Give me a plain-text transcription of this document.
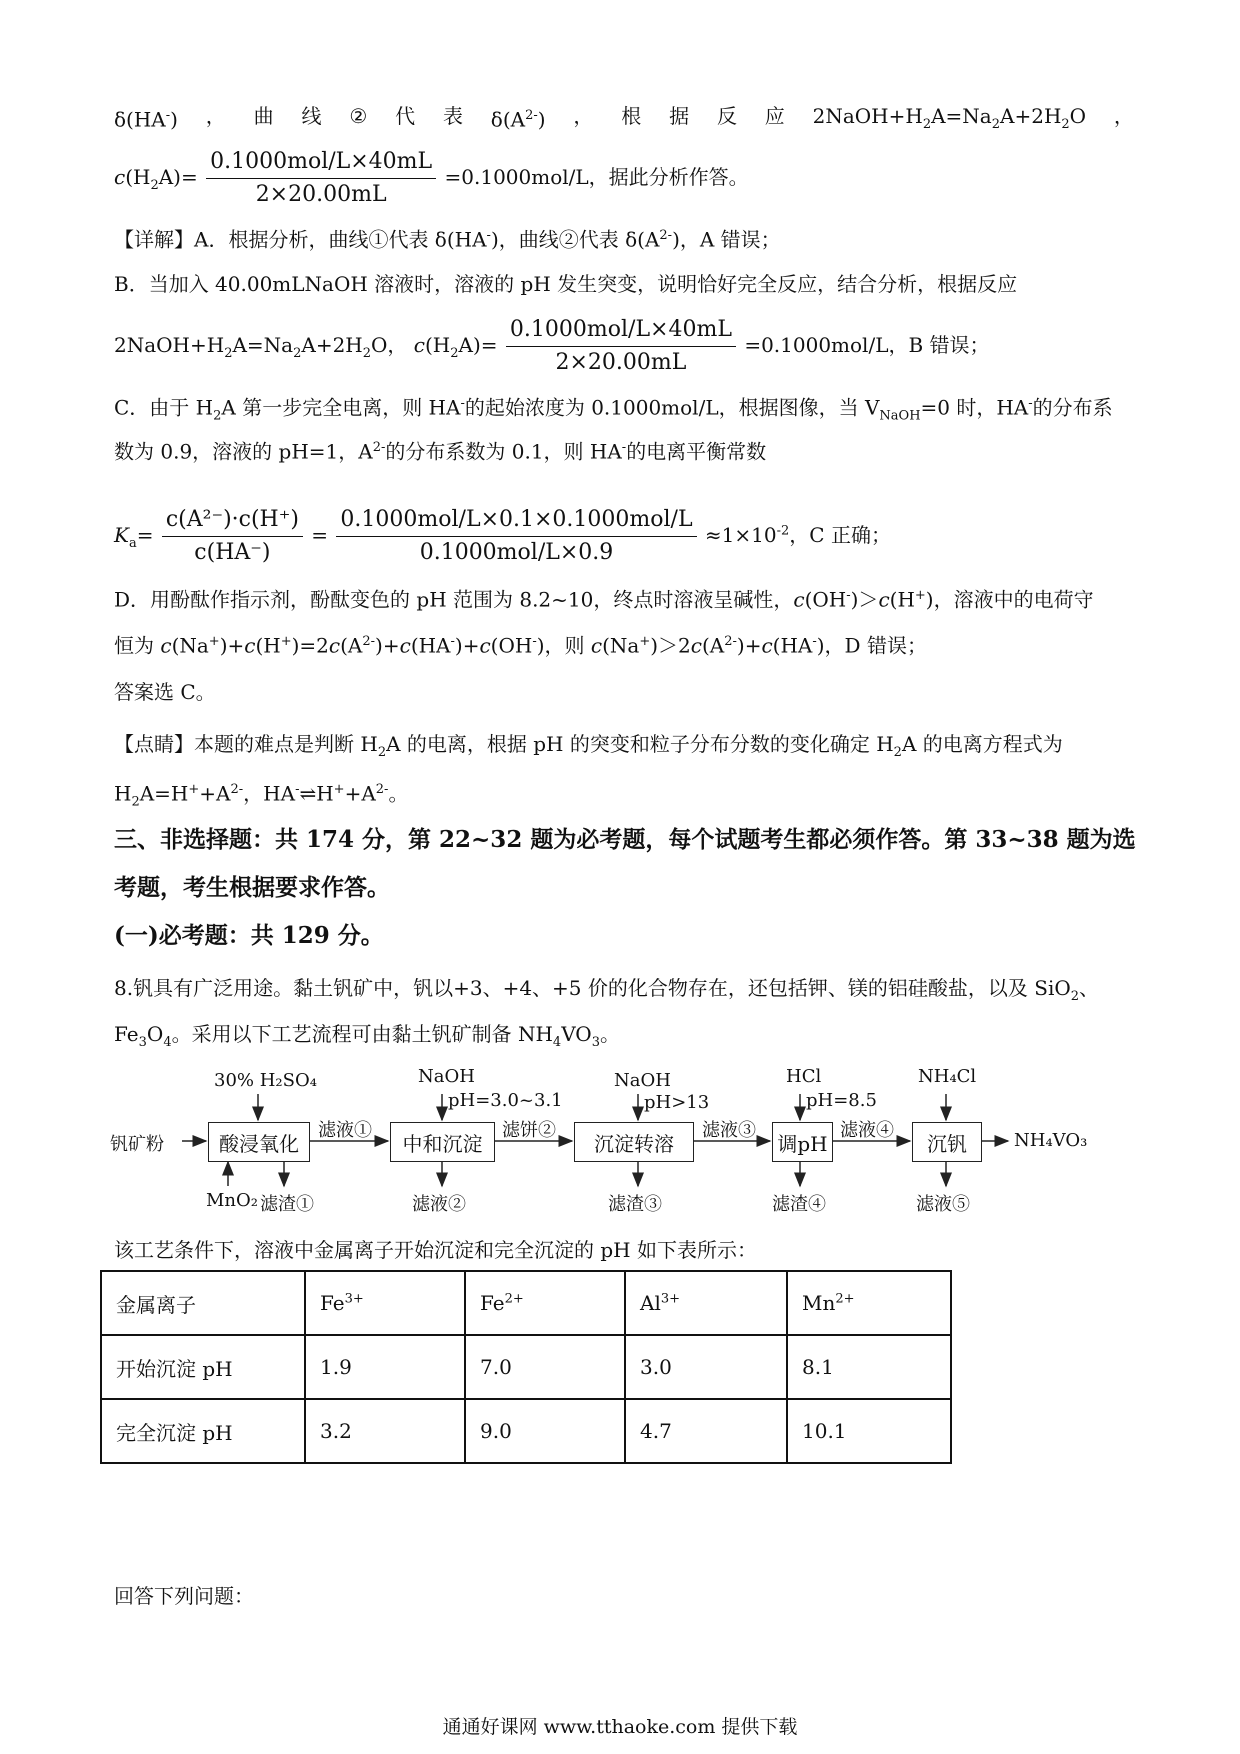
δ(HA-) ， 曲 线 ② 代 表 $\delta(A^{2-})$ ， 根 据 反 应 $2NaOH+H_2A=Na_2A+2H_2O$ ，
$c(H_2A)= \frac{\text{0.1000mol/L×40mL}}{2\times 20.00mL} =0.1000mol/L$，据此分析作答。
【详解】A．根据分析，曲线①代表 δ(HA-)，曲线②代表 $\delta(A^{2-})$，A 错误；
B．当加入 40.00mLNaOH 溶液时，溶液的 pH 发生突变，说明恰好完全反应，结合分析，根据反应
$2NaOH+H_2A=Na_2A+2H_2O$， $c(H_2A)= \frac{\text{0.1000mol/L×40mL}}{2\times 20.00mL} =0.1000mol/L$，B 错误；
C．由于 $H_2A$ 第一步完全电离，则 HA-的起始浓度为 0.1000mol/L，根据图像，当 $V_{NaOH}=0$ 时，HA-的分布系
数为 0.9，溶液的 pH=1，$A^{2-}$的分布系数为 0.1，则 HA-的电离平衡常数
$K_a= \frac{\text{c(A²⁻)·c(H⁺)}}{c(HA^-)} = \frac{\text{0.1000mol/L×0.1×0.1000mol/L}}{\text{0.1000mol/L×0.9}} \approx 1\times 10^{-2}$，C 正确；
D．用酚酞作指示剂，酚酞变色的 pH 范围为 8.2~10，终点时溶液呈碱性，c(OH-)＞c(H+)，溶液中的电荷守
恒为 $c(Na^+)+c(H^+)=2c(A^{2-})+c(HA^-)+c(OH^-)$，则 $c(Na^+)>2c(A^{2-})+c(HA^-)$，D 错误；
答案选 C。
【点睛】本题的难点是判断 $H_2A$ 的电离，根据 pH 的突变和粒子分布分数的变化确定 $H_2A$ 的电离方程式为
$H_2A=H^++A^{2-}$，$HA^-\rightleftharpoons H^++A^{2-}$。
三、非选择题：共 174 分，第 22~32 题为必考题，每个试题考生都必须作答。第 33~38 题为选
考题，考生根据要求作答。
(一)必考题：共 129 分。
8.钒具有广泛用途。黏土钒矿中，钒以+3、+4、+5 价的化合物存在，还包括钾、镁的铝硅酸盐，以及 SiO$_2$、
$Fe_3O_4$。采用以下工艺流程可由黏土钒矿制备 $NH_4VO_3$。
钒矿粉	酸浸氧化	中和沉淀	沉淀转溶	调pH	沉钒
30% H₂SO₄	NaOH
pH=3.0~3.1
NaOH
pH>13
HCl
pH=8.5
NH₄Cl
滤液①	滤饼②	滤液③	滤液④
MnO₂ 滤渣①	滤液②	滤渣③	滤渣④	滤液⑤
NH₄VO₃
该工艺条件下，溶液中金属离子开始沉淀和完全沉淀的 pH 如下表所示：
金属离子	$Fe^{3+}$	$Fe^{2+}$	$Al^{3+}$	$Mn^{2+}$
开始沉淀 pH	1.9	7.0	3.0	8.1
完全沉淀 pH	3.2	9.0	4.7	10.1
回答下列问题：
通通好课网 www.tthaoke.com 提供下载
